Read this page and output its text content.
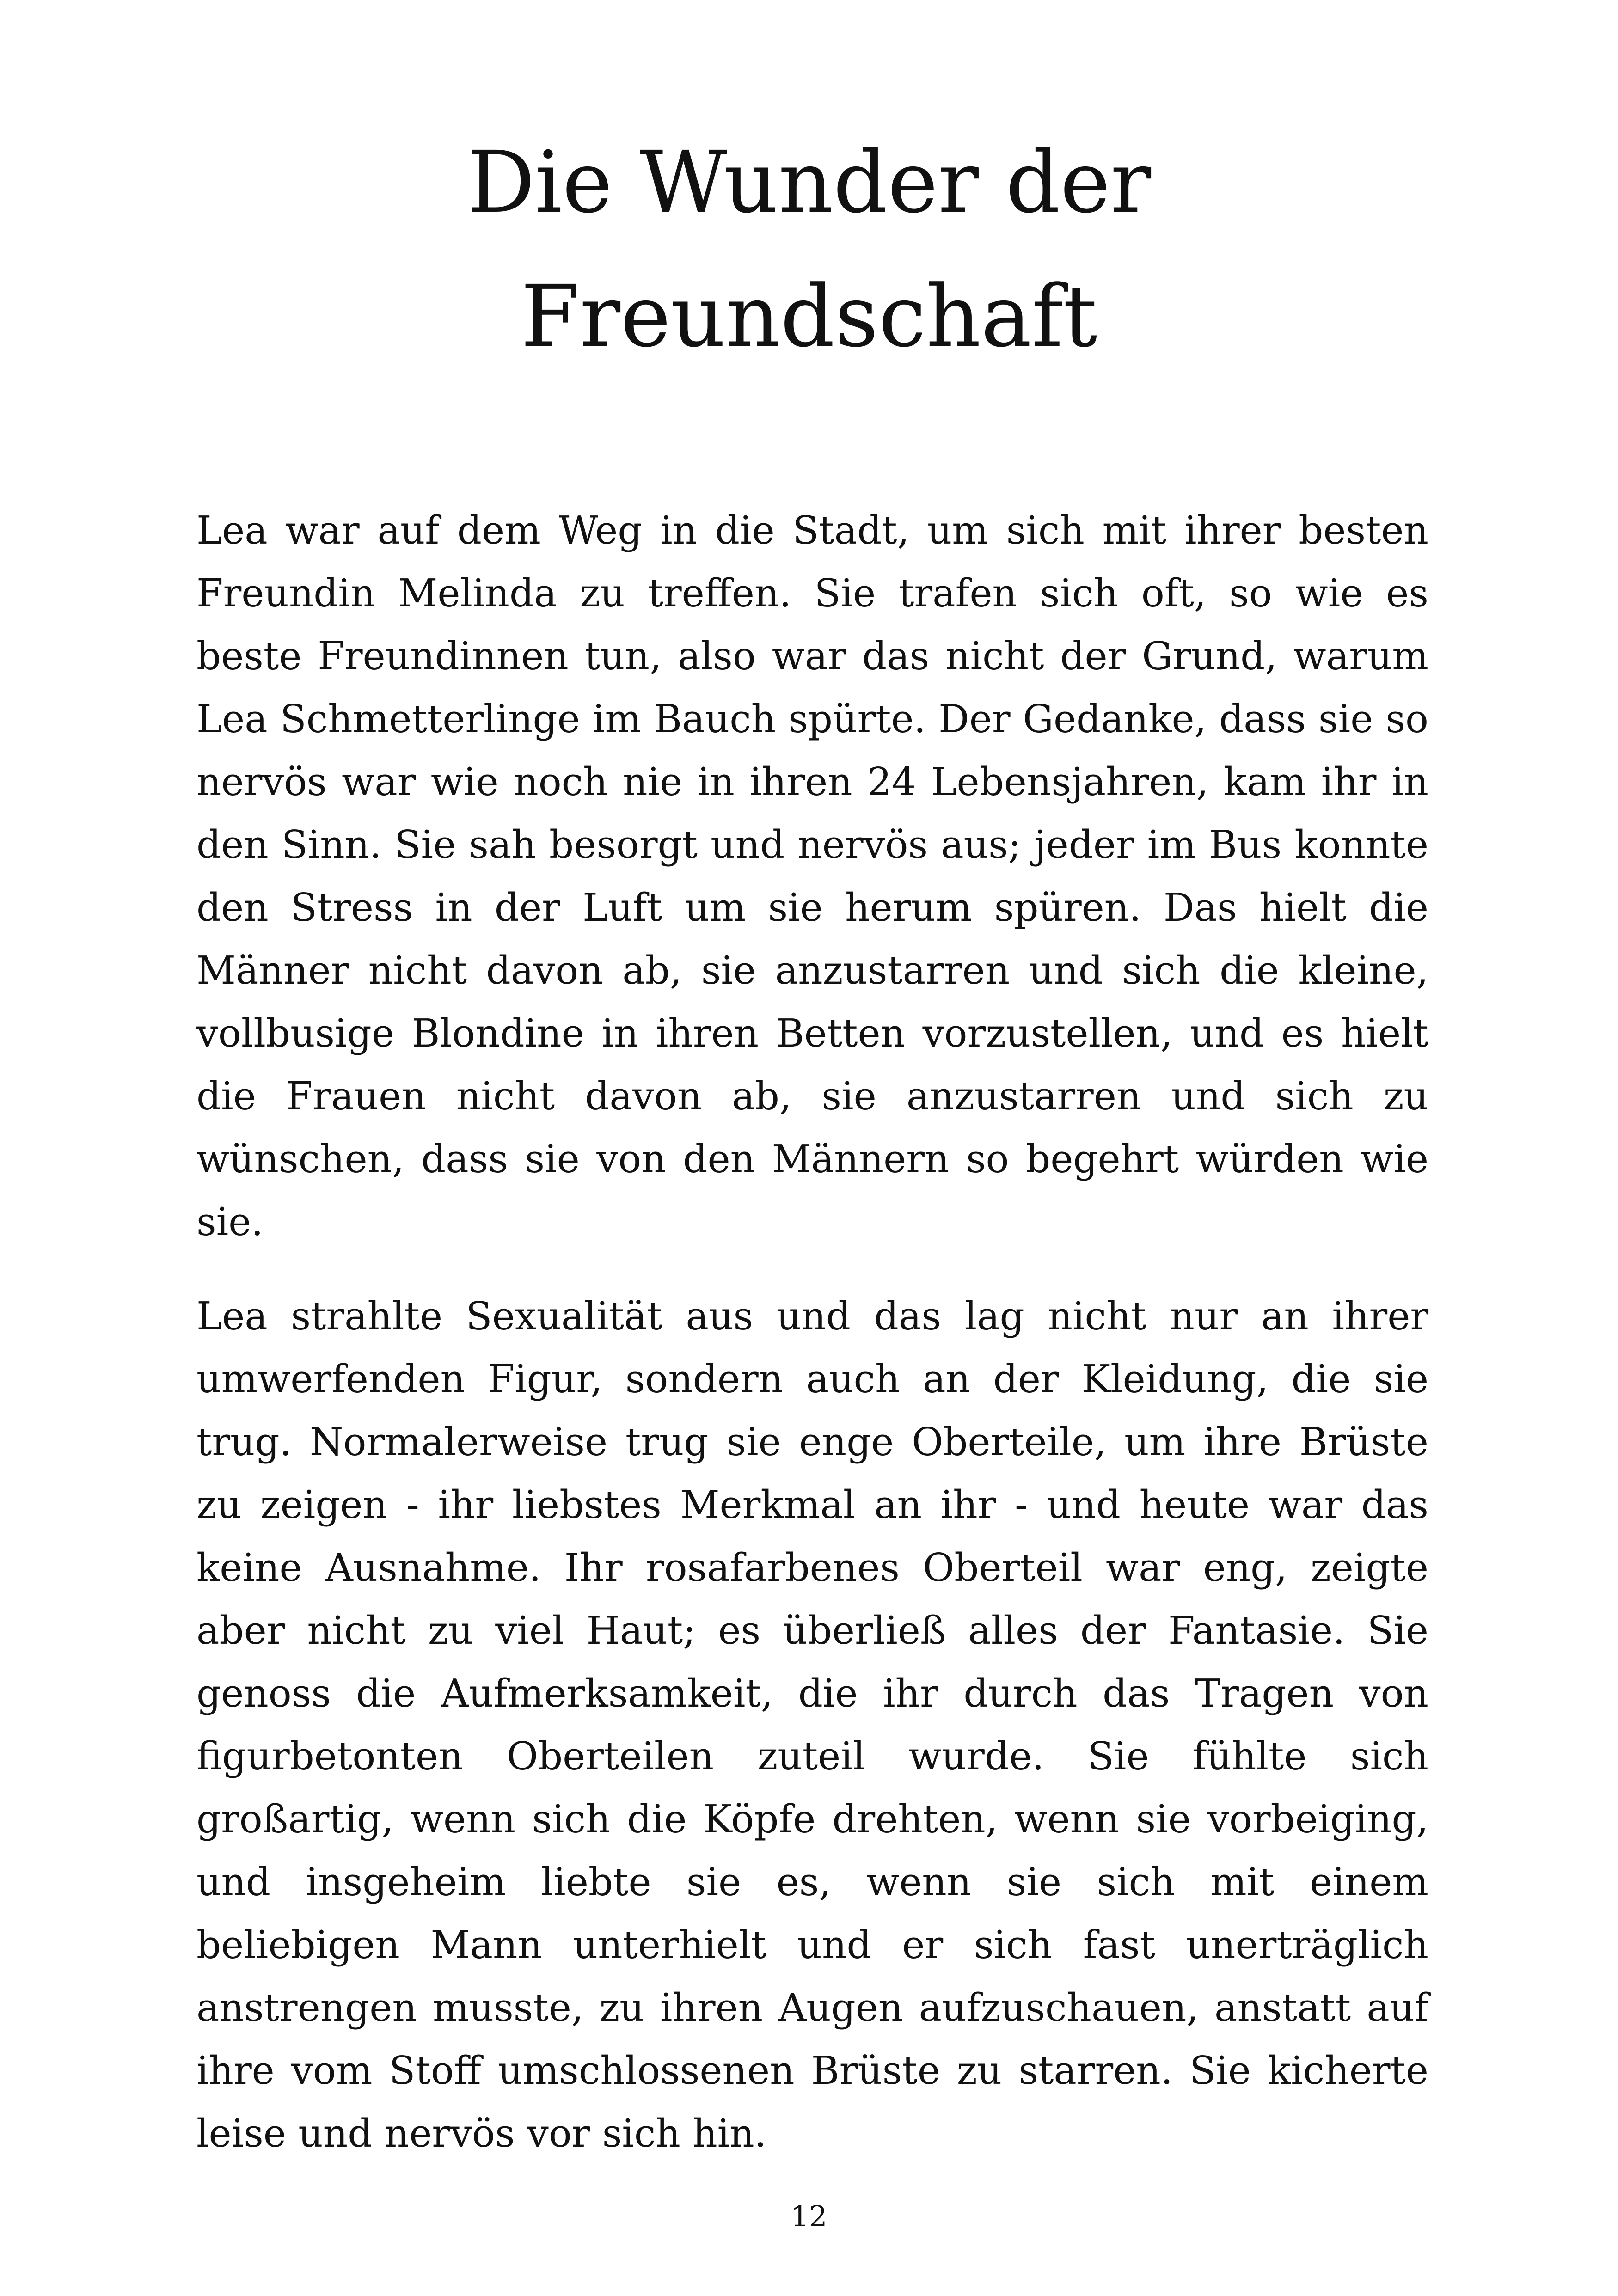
Die Wunder der Freundschaft

Lea war auf dem Weg in die Stadt, um sich mit ihrer besten Freundin Melinda zu treffen. Sie trafen sich oft, so wie es beste Freundinnen tun, also war das nicht der Grund, warum Lea Schmetterlinge im Bauch spürte. Der Gedanke, dass sie so nervös war wie noch nie in ihren 24 Lebensjahren, kam ihr in den Sinn. Sie sah besorgt und nervös aus; jeder im Bus konnte den Stress in der Luft um sie herum spüren. Das hielt die Männer nicht davon ab, sie anzustarren und sich die kleine, vollbusige Blondine in ihren Betten vorzustellen, und es hielt die Frauen nicht davon ab, sie anzustarren und sich zu wünschen, dass sie von den Männern so begehrt würden wie sie.

Lea strahlte Sexualität aus und das lag nicht nur an ihrer umwerfenden Figur, sondern auch an der Kleidung, die sie trug. Normalerweise trug sie enge Oberteile, um ihre Brüste zu zeigen - ihr liebstes Merkmal an ihr - und heute war das keine Ausnahme. Ihr rosafarbenes Oberteil war eng, zeigte aber nicht zu viel Haut; es überließ alles der Fantasie. Sie genoss die Aufmerksamkeit, die ihr durch das Tragen von figurbetonten Oberteilen zuteil wurde. Sie fühlte sich großartig, wenn sich die Köpfe drehten, wenn sie vorbeiging, und insgeheim liebte sie es, wenn sie sich mit einem beliebigen Mann unterhielt und er sich fast unerträglich anstrengen musste, zu ihren Augen aufzuschauen, anstatt auf ihre vom Stoff umschlossenen Brüste zu starren. Sie kicherte leise und nervös vor sich hin.

12
